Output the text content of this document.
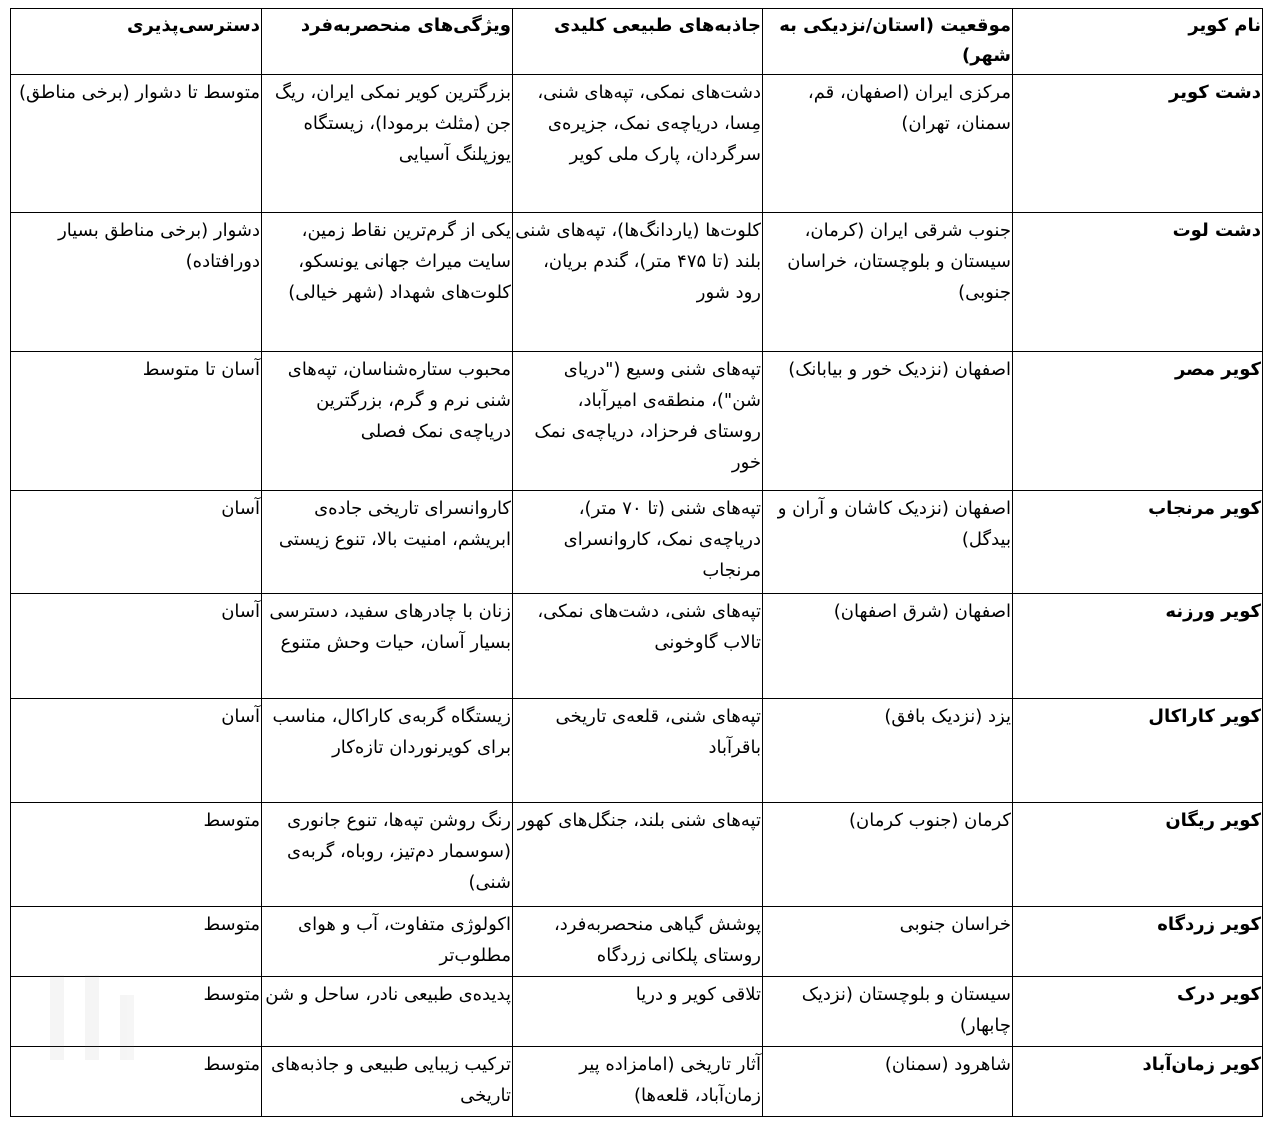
نام کویر	موقعیت (استان/نزدیکی به شهر)	جاذبه‌های طبیعی کلیدی	ویژگی‌های منحصربه‌فرد	دسترسی‌پذیری
دشت کویر	مرکزی ایران (اصفهان، قم، سمنان، تهران)	دشت‌های نمکی، تپه‌های شنی، مِسا، دریاچه‌ی نمک، جزیره‌ی سرگردان، پارک ملی کویر	بزرگترین کویر نمکی ایران، ریگ جن (مثلث برمودا)، زیستگاه یوزپلنگ آسیایی	متوسط تا دشوار (برخی مناطق)
دشت لوت	جنوب شرقی ایران (کرمان، سیستان و بلوچستان، خراسان جنوبی)	کلوت‌ها (یاردانگ‌ها)، تپه‌های شنی بلند (تا ۴۷۵ متر)، گندم بریان، رود شور	یکی از گرم‌ترین نقاط زمین، سایت میراث جهانی یونسکو، کلوت‌های شهداد (شهر خیالی)	دشوار (برخی مناطق بسیار دورافتاده)
کویر مصر	اصفهان (نزدیک خور و بیابانک)	تپه‌های شنی وسیع ("دریای شن")، منطقه‌ی امیرآباد، روستای فرحزاد، دریاچه‌ی نمک خور	محبوب ستاره‌شناسان، تپه‌های شنی نرم و گرم، بزرگترین دریاچه‌ی نمک فصلی	آسان تا متوسط
کویر مرنجاب	اصفهان (نزدیک کاشان و آران و بیدگل)	تپه‌های شنی (تا ۷۰ متر)، دریاچه‌ی نمک، کاروانسرای مرنجاب	کاروانسرای تاریخی جاده‌ی ابریشم، امنیت بالا، تنوع زیستی	آسان
کویر ورزنه	اصفهان (شرق اصفهان)	تپه‌های شنی، دشت‌های نمکی، تالاب گاوخونی	زنان با چادرهای سفید، دسترسی بسیار آسان، حیات وحش متنوع	آسان
کویر کاراکال	یزد (نزدیک بافق)	تپه‌های شنی، قلعه‌ی تاریخی باقرآباد	زیستگاه گربه‌ی کاراکال، مناسب برای کویرنوردان تازه‌کار	آسان
کویر ریگان	کرمان (جنوب کرمان)	تپه‌های شنی بلند، جنگل‌های کهور	رنگ روشن تپه‌ها، تنوع جانوری (سوسمار دم‌تیز، روباه، گربه‌ی شنی)	متوسط
کویر زردگاه	خراسان جنوبی	پوشش گیاهی منحصربه‌فرد، روستای پلکانی زردگاه	اکولوژی متفاوت، آب و هوای مطلوب‌تر	متوسط
کویر درک	سیستان و بلوچستان (نزدیک چابهار)	تلاقی کویر و دریا	پدیده‌ی طبیعی نادر، ساحل و شن	متوسط
کویر زمان‌آباد	شاهرود (سمنان)	آثار تاریخی (امامزاده پیر زمان‌آباد، قلعه‌ها)	ترکیب زیبایی طبیعی و جاذبه‌های تاریخی	متوسط
